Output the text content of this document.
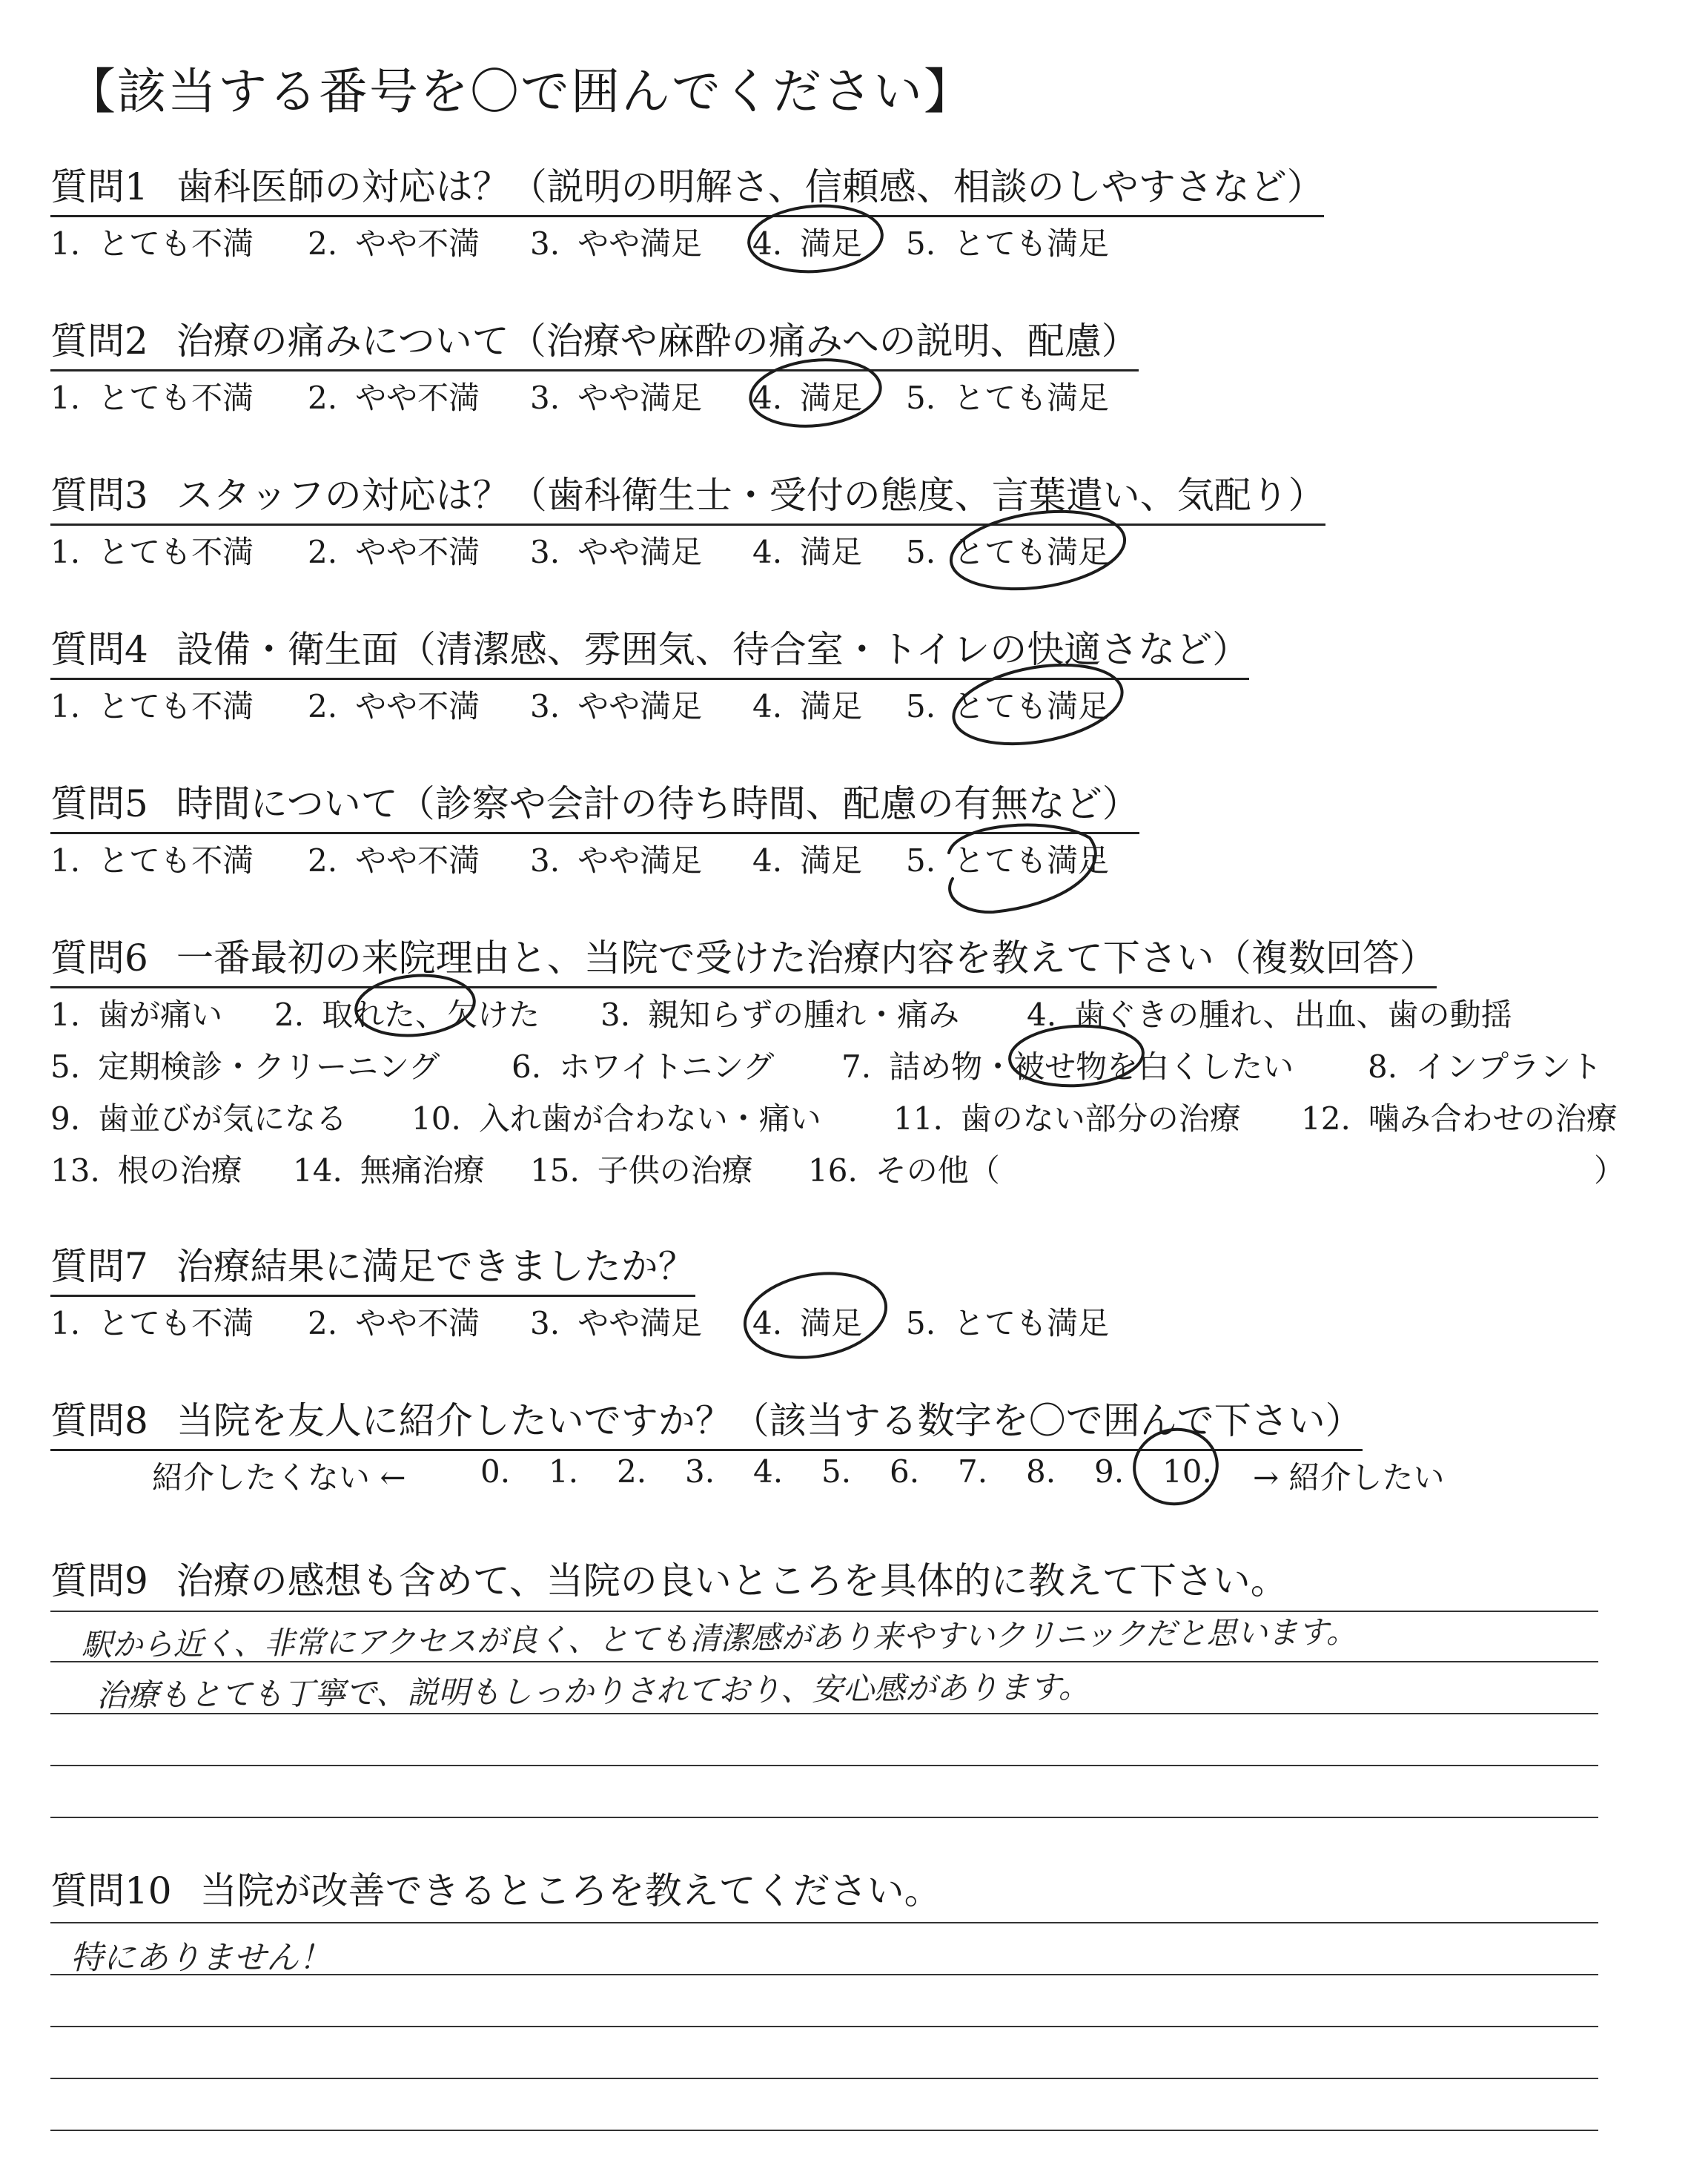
【該当する番号を〇で囲んでください】
質問1 歯科医師の対応は？（説明の明解さ、信頼感、相談のしやすさなど）
1. とても不満 2. やや不満 3. やや満足 4. 満足 5. とても満足
質問2 治療の痛みについて（治療や麻酔の痛みへの説明、配慮）
1. とても不満 2. やや不満 3. やや満足 4. 満足 5. とても満足
質問3 スタッフの対応は？（歯科衛生士・受付の態度、言葉遣い、気配り）
1. とても不満 2. やや不満 3. やや満足 4. 満足 5. とても満足
質問4 設備・衛生面（清潔感、雰囲気、待合室・トイレの快適さなど）
1. とても不満 2. やや不満 3. やや満足 4. 満足 5. とても満足
質問5 時間について（診察や会計の待ち時間、配慮の有無など）
1. とても不満 2. やや不満 3. やや満足 4. 満足 5. とても満足
質問6 一番最初の来院理由と、当院で受けた治療内容を教えて下さい（複数回答）
1. 歯が痛い 2. 取れた、欠けた 3. 親知らずの腫れ・痛み 4. 歯ぐきの腫れ、出血、歯の動揺
5. 定期検診・クリーニング 6. ホワイトニング 7. 詰め物・被せ物を白くしたい 8. インプラント
9. 歯並びが気になる 10. 入れ歯が合わない・痛い 11. 歯のない部分の治療 12. 噛み合わせの治療
13. 根の治療 14. 無痛治療 15. 子供の治療 16. その他（	）
質問7 治療結果に満足できましたか？
1. とても不満 2. やや不満 3. やや満足 4. 満足 5. とても満足
質問8 当院を友人に紹介したいですか？（該当する数字を〇で囲んで下さい）
紹介したくない ← 0. 1. 2. 3. 4. 5. 6. 7. 8. 9. 10. → 紹介したい
質問9 治療の感想も含めて、当院の良いところを具体的に教えて下さい。
駅から近く、非常にアクセスが良く、とても清潔感があり来やすいクリニックだと思います。
治療もとても丁寧で、説明もしっかりされており、安心感があります。
質問10 当院が改善できるところを教えてください。
特にありません！
